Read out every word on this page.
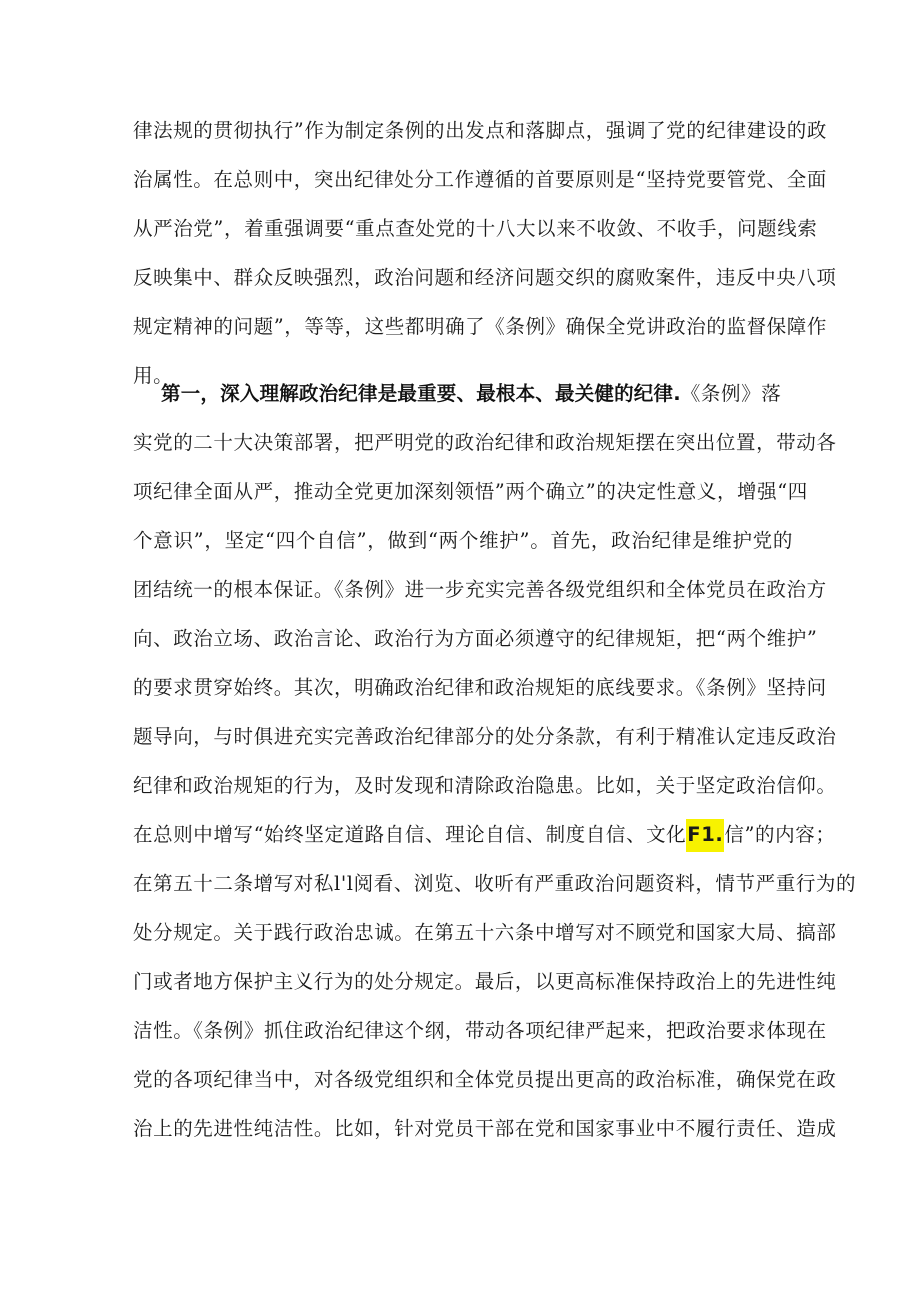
律法规的贯彻执行”作为制定条例的出发点和落脚点，强调了党的纪律建设的政
治属性。在总则中，突出纪律处分工作遵循的首要原则是“坚持党要管党、全面
从严治党”，着重强调要“重点查处党的十八大以来不收敛、不收手，问题线索
反映集中、群众反映强烈，政治问题和经济问题交织的腐败案件，违反中央八项
规定精神的问题”，等等，这些都明确了《条例》确保全党讲政治的监督保障作
用。
第一，深入理解政治纪律是最重要、最根本、最关健的纪律.《条例》落
实党的二十大决策部署，把严明党的政治纪律和政治规矩摆在突出位置，带动各
项纪律全面从严，推动全党更加深刻领悟”两个确立”的决定性意义，增强“四
个意识”，坚定“四个自信”，做到“两个维护”。首先，政治纪律是维护党的
团结统一的根本保证。《条例》进一步充实完善各级党组织和全体党员在政治方
向、政治立场、政治言论、政治行为方面必须遵守的纪律规矩，把“两个维护”
的要求贯穿始终。其次，明确政治纪律和政治规矩的底线要求。《条例》坚持问
题导向，与时俱进充实完善政治纪律部分的处分条款，有利于精准认定违反政治
纪律和政治规矩的行为，及时发现和清除政治隐患。比如，关于坚定政治信仰。
在总则中增写“始终坚定道路自信、理论自信、制度自信、文化F1.信”的内容；
在第五十二条增写对私l'l阅看、浏览、收听有严重政治问题资料，情节严重行为的
处分规定。关于践行政治忠诚。在第五十六条中增写对不顾党和国家大局、搞部
门或者地方保护主义行为的处分规定。最后，以更高标准保持政治上的先进性纯
洁性。《条例》抓住政治纪律这个纲，带动各项纪律严起来，把政治要求体现在
党的各项纪律当中，对各级党组织和全体党员提出更高的政治标准，确保党在政
治上的先进性纯洁性。比如，针对党员干部在党和国家事业中不履行责任、造成
